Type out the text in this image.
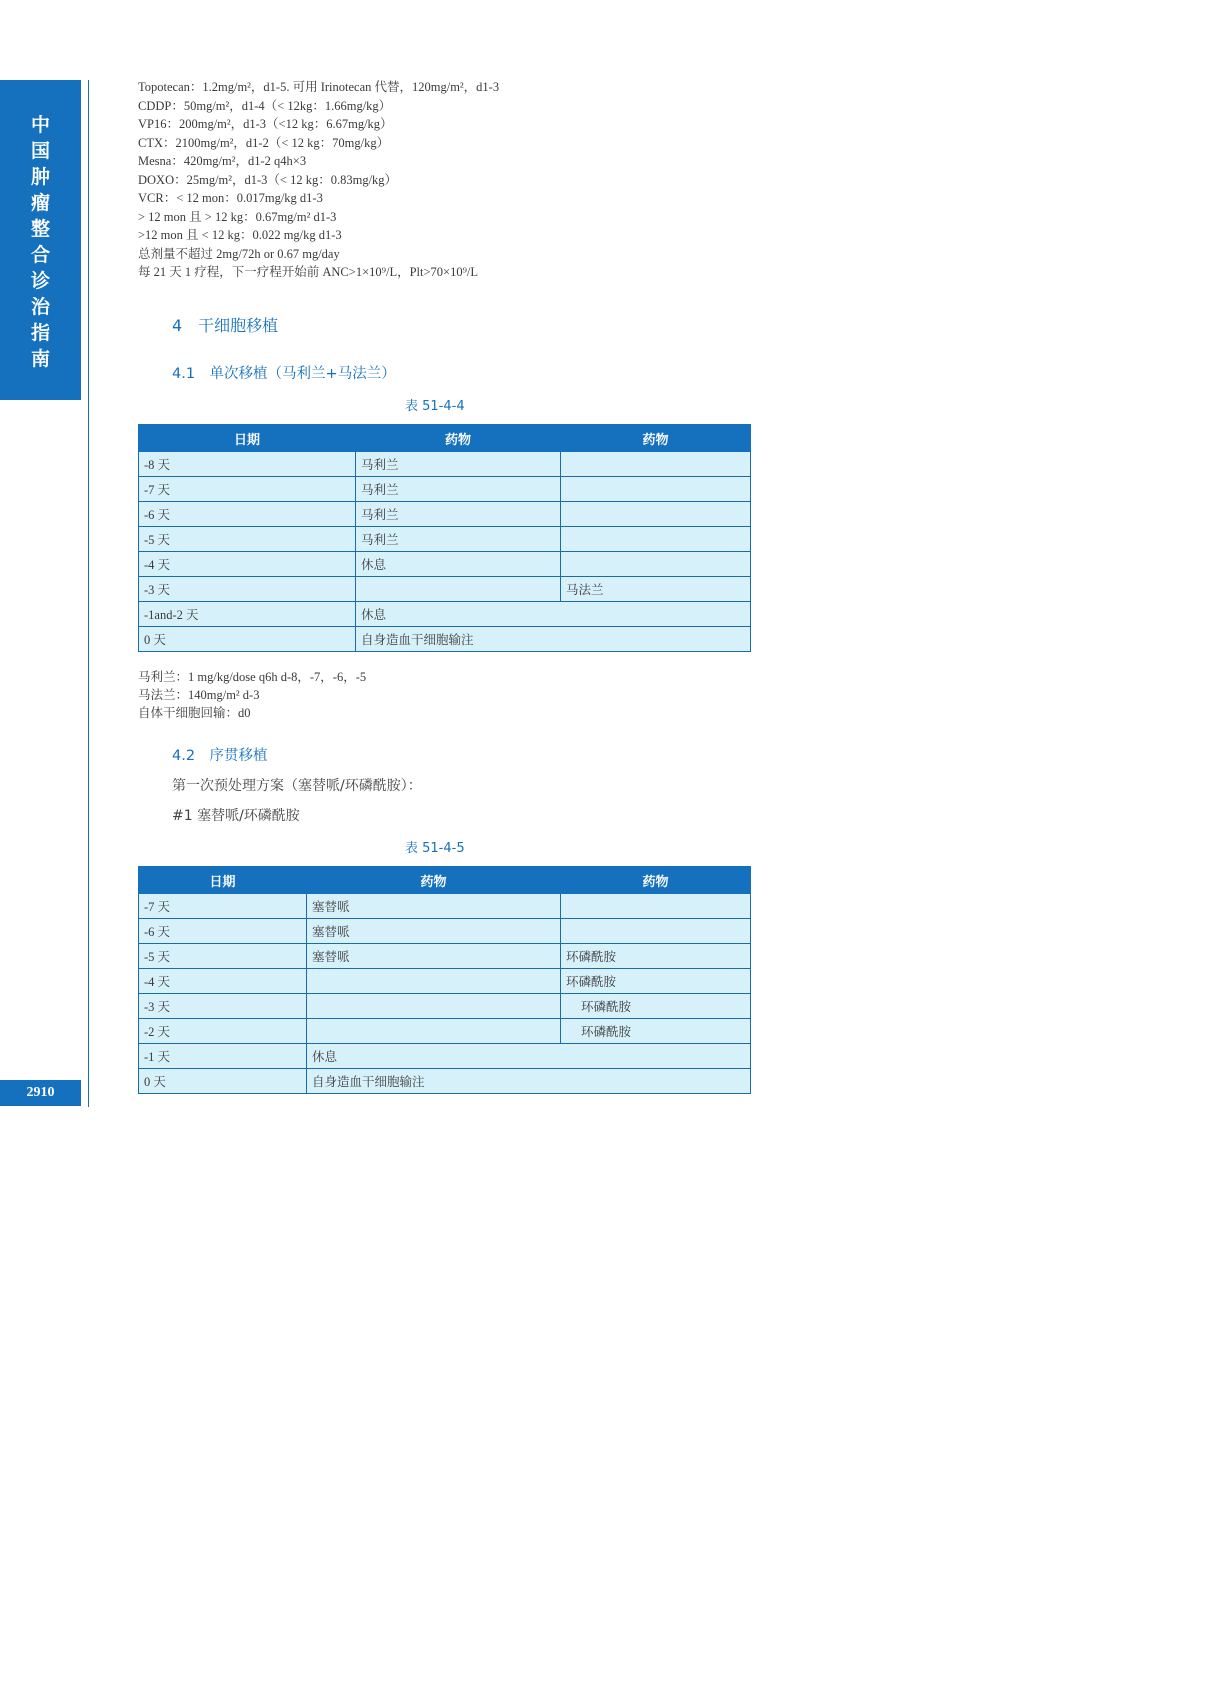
中
国
肿
瘤
整
合
诊
治
指
南
2910
Topotecan：1.2mg/m²，d1-5. 可用 Irinotecan 代替，120mg/m²，d1-3
CDDP：50mg/m²，d1-4（< 12kg：1.66mg/kg）
VP16：200mg/m²，d1-3（<12 kg：6.67mg/kg）
CTX：2100mg/m²，d1-2（< 12 kg：70mg/kg）
Mesna：420mg/m²，d1-2 q4h×3
DOXO：25mg/m²，d1-3（< 12 kg：0.83mg/kg）
VCR：< 12 mon：0.017mg/kg d1-3
> 12 mon 且 > 12 kg：0.67mg/m² d1-3
>12 mon 且 < 12 kg：0.022 mg/kg d1-3
总剂量不超过 2mg/72h or 0.67 mg/day
每 21 天 1 疗程，下一疗程开始前 ANC>1×10⁹/L，Plt>70×10⁹/L
4　干细胞移植
4.1　单次移植（马利兰+马法兰）
表 51-4-4
日期	药物	药物
-8 天	马利兰	
-7 天	马利兰	
-6 天	马利兰	
-5 天	马利兰	
-4 天	休息	
-3 天		马法兰
-1and-2 天	休息	
0 天	自身造血干细胞输注	
马利兰：1 mg/kg/dose q6h d-8，-7，-6，-5
马法兰：140mg/m² d-3
自体干细胞回输：d0
4.2　序贯移植
第一次预处理方案（塞替哌/环磷酰胺）：
#1 塞替哌/环磷酰胺
表 51-4-5
日期	药物	药物
-7 天	塞替哌	
-6 天	塞替哌	
-5 天	塞替哌	环磷酰胺
-4 天		环磷酰胺
-3 天		环磷酰胺
-2 天		环磷酰胺
-1 天	休息	
0 天	自身造血干细胞输注	
